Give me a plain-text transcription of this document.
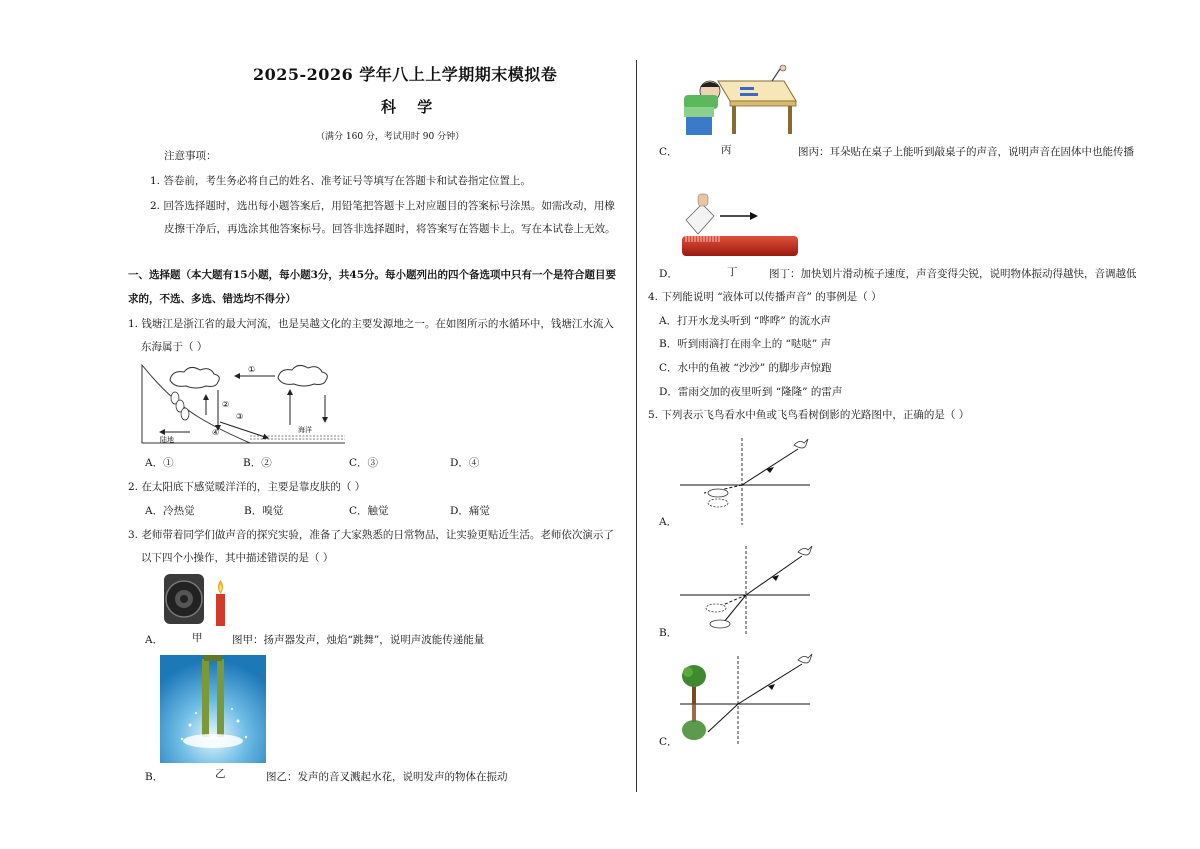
2025-2026 学年八上上学期期末模拟卷
科 学
（满分 160 分，考试用时 90 分钟）
注意事项：
1. 答卷前，考生务必将自己的姓名、准考证号等填写在答题卡和试卷指定位置上。
2. 回答选择题时，选出每小题答案后，用铅笔把答题卡上对应题目的答案标号涂黑。如需改动，用橡
皮擦干净后，再选涂其他答案标号。回答非选择题时，将答案写在答题卡上。写在本试卷上无效。
一、选择题（本大题有15小题，每小题3分，共45分。每小题列出的四个备选项中只有一个是符合题目要
求的，不选、多选、错选均不得分）
1. 钱塘江是浙江省的最大河流，也是吴越文化的主要发源地之一。在如图所示的水循环中，钱塘江水流入
东海属于（ ）
①
②
③
④
陆地
海洋
A．①	B．②	C．③	D．④
2. 在太阳底下感觉暖洋洋的，主要是靠皮肤的（ ）
A．冷热觉	B．嗅觉	C．触觉	D．痛觉
3. 老师带着同学们做声音的探究实验，准备了大家熟悉的日常物品，让实验更贴近生活。老师依次演示了
以下四个小操作，其中描述错误的是（ ）
A．	甲	图甲：扬声器发声，烛焰“跳舞”，说明声波能传递能量
B．	乙	图乙：发声的音叉溅起水花，说明发声的物体在振动
C．	丙	图丙：耳朵贴在桌子上能听到敲桌子的声音，说明声音在固体中也能传播
D．	丁	图丁：加快划片滑动梳子速度，声音变得尖锐，说明物体振动得越快，音调越低
4. 下列能说明 “液体可以传播声音” 的事例是（ ）
A．打开水龙头听到 “哗哗” 的流水声
B．听到雨滴打在雨伞上的 “哒哒” 声
C．水中的鱼被 “沙沙” 的脚步声惊跑
D．雷雨交加的夜里听到 “隆隆” 的雷声
5. 下列表示飞鸟看水中鱼或飞鸟看树倒影的光路图中，正确的是（ ）
A．
B．
C．
